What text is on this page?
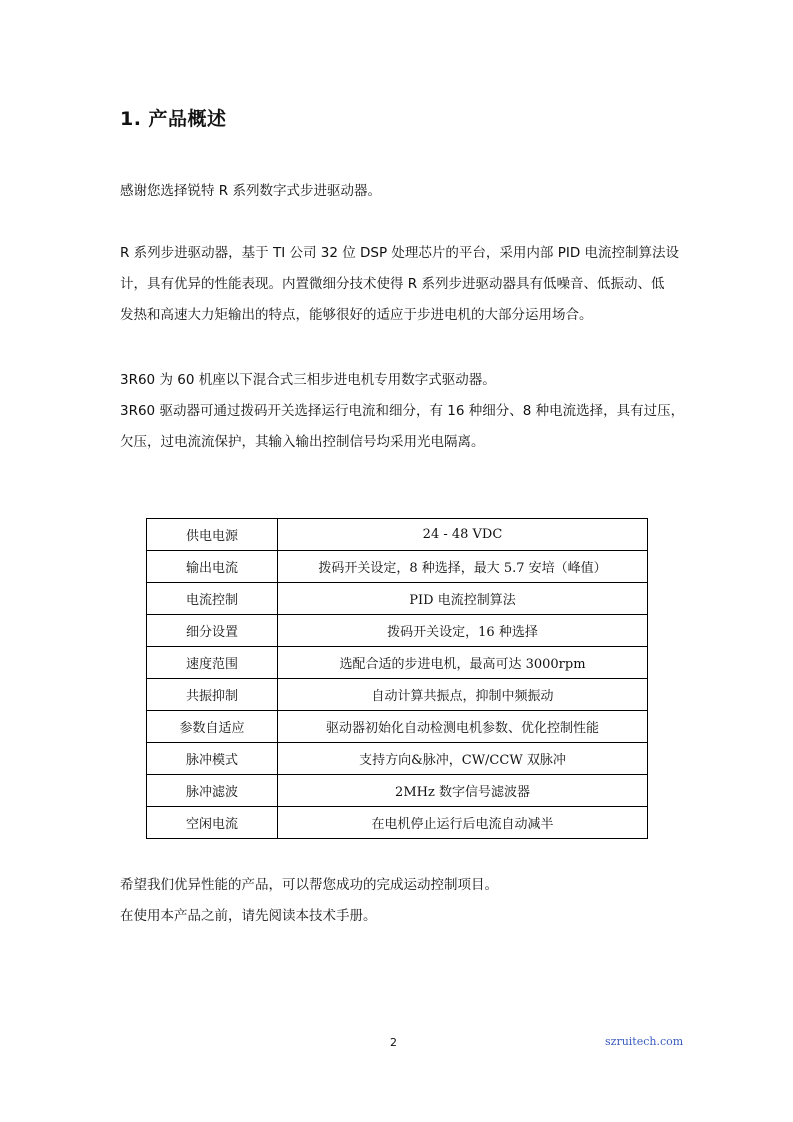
1. 产品概述

感谢您选择锐特 R 系列数字式步进驱动器。

R 系列步进驱动器，基于 TI 公司 32 位 DSP 处理芯片的平台，采用内部 PID 电流控制算法设
计，具有优异的性能表现。内置微细分技术使得 R 系列步进驱动器具有低噪音、低振动、低
发热和高速大力矩输出的特点，能够很好的适应于步进电机的大部分运用场合。

3R60 为 60 机座以下混合式三相步进电机专用数字式驱动器。
3R60 驱动器可通过拨码开关选择运行电流和细分，有 16 种细分、8 种电流选择，具有过压，
欠压，过电流流保护，其输入输出控制信号均采用光电隔离。

供电电源	24 - 48 VDC
输出电流	拨码开关设定，8 种选择，最大 5.7 安培（峰值）
电流控制	PID 电流控制算法
细分设置	拨码开关设定，16 种选择
速度范围	选配合适的步进电机，最高可达 3000rpm
共振抑制	自动计算共振点，抑制中频振动
参数自适应	驱动器初始化自动检测电机参数、优化控制性能
脉冲模式	支持方向&脉冲，CW/CCW 双脉冲
脉冲滤波	2MHz 数字信号滤波器
空闲电流	在电机停止运行后电流自动减半

希望我们优异性能的产品，可以帮您成功的完成运动控制项目。
在使用本产品之前，请先阅读本技术手册。

2	szruitech.com
